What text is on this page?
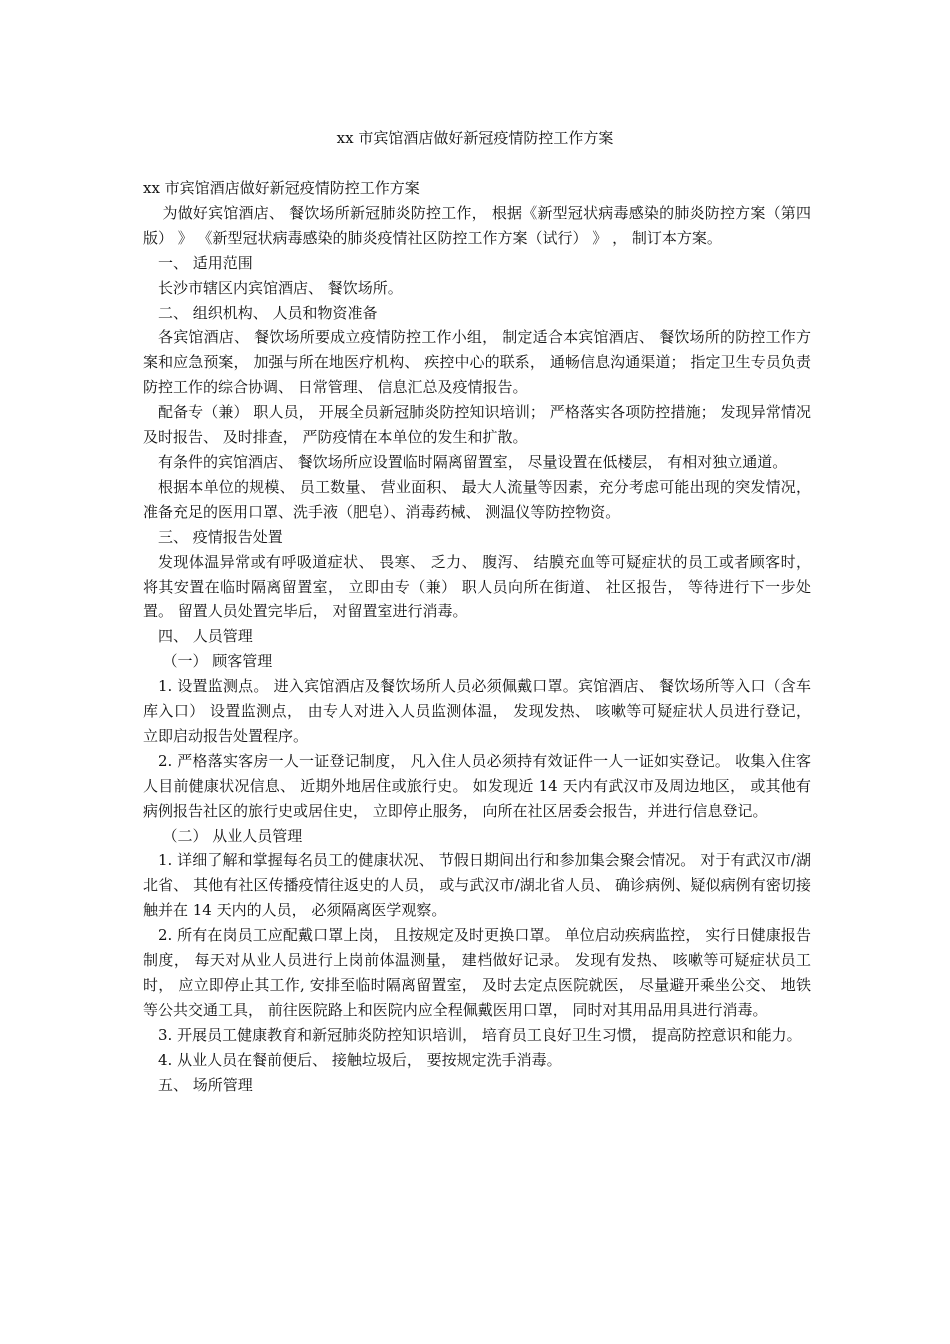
xx 市宾馆酒店做好新冠疫情防控工作方案

xx 市宾馆酒店做好新冠疫情防控工作方案

为做好宾馆酒店、 餐饮场所新冠肺炎防控工作， 根据《新型冠状病毒感染的肺炎防控方案（第四版） 》 《新型冠状病毒感染的肺炎疫情社区防控工作方案（试行） 》 ， 制订本方案。

一、 适用范围

长沙市辖区内宾馆酒店、 餐饮场所。

二、 组织机构、 人员和物资准备

各宾馆酒店、 餐饮场所要成立疫情防控工作小组， 制定适合本宾馆酒店、 餐饮场所的防控工作方案和应急预案， 加强与所在地医疗机构、 疾控中心的联系， 通畅信息沟通渠道； 指定卫生专员负责防控工作的综合协调、 日常管理、 信息汇总及疫情报告。

配备专（兼） 职人员， 开展全员新冠肺炎防控知识培训； 严格落实各项防控措施； 发现异常情况及时报告、 及时排查， 严防疫情在本单位的发生和扩散。

有条件的宾馆酒店、 餐饮场所应设置临时隔离留置室， 尽量设置在低楼层， 有相对独立通道。

根据本单位的规模、 员工数量、 营业面积、 最大人流量等因素，充分考虑可能出现的突发情况， 准备充足的医用口罩、洗手液（肥皂）、消毒药械、 测温仪等防控物资。

三、 疫情报告处置

发现体温异常或有呼吸道症状、 畏寒、 乏力、 腹泻、 结膜充血等可疑症状的员工或者顾客时， 将其安置在临时隔离留置室， 立即由专（兼） 职人员向所在街道、 社区报告， 等待进行下一步处置。 留置人员处置完毕后， 对留置室进行消毒。

四、 人员管理

（一） 顾客管理

1. 设置监测点。 进入宾馆酒店及餐饮场所人员必须佩戴口罩。宾馆酒店、 餐饮场所等入口（含车库入口） 设置监测点， 由专人对进入人员监测体温， 发现发热、 咳嗽等可疑症状人员进行登记， 立即启动报告处置程序。

2. 严格落实客房一人一证登记制度， 凡入住人员必须持有效证件一人一证如实登记。 收集入住客人目前健康状况信息、 近期外地居住或旅行史。 如发现近 14 天内有武汉市及周边地区， 或其他有病例报告社区的旅行史或居住史， 立即停止服务， 向所在社区居委会报告，并进行信息登记。

（二） 从业人员管理

1. 详细了解和掌握每名员工的健康状况、 节假日期间出行和参加集会聚会情况。 对于有武汉市/湖北省、 其他有社区传播疫情往返史的人员， 或与武汉市/湖北省人员、 确诊病例、疑似病例有密切接触并在 14 天内的人员， 必须隔离医学观察。

2. 所有在岗员工应配戴口罩上岗， 且按规定及时更换口罩。 单位启动疾病监控， 实行日健康报告制度， 每天对从业人员进行上岗前体温测量， 建档做好记录。 发现有发热、 咳嗽等可疑症状员工时， 应立即停止其工作, 安排至临时隔离留置室， 及时去定点医院就医， 尽量避开乘坐公交、 地铁等公共交通工具， 前往医院路上和医院内应全程佩戴医用口罩， 同时对其用品用具进行消毒。

3. 开展员工健康教育和新冠肺炎防控知识培训， 培育员工良好卫生习惯， 提高防控意识和能力。

4. 从业人员在餐前便后、 接触垃圾后， 要按规定洗手消毒。

五、 场所管理
